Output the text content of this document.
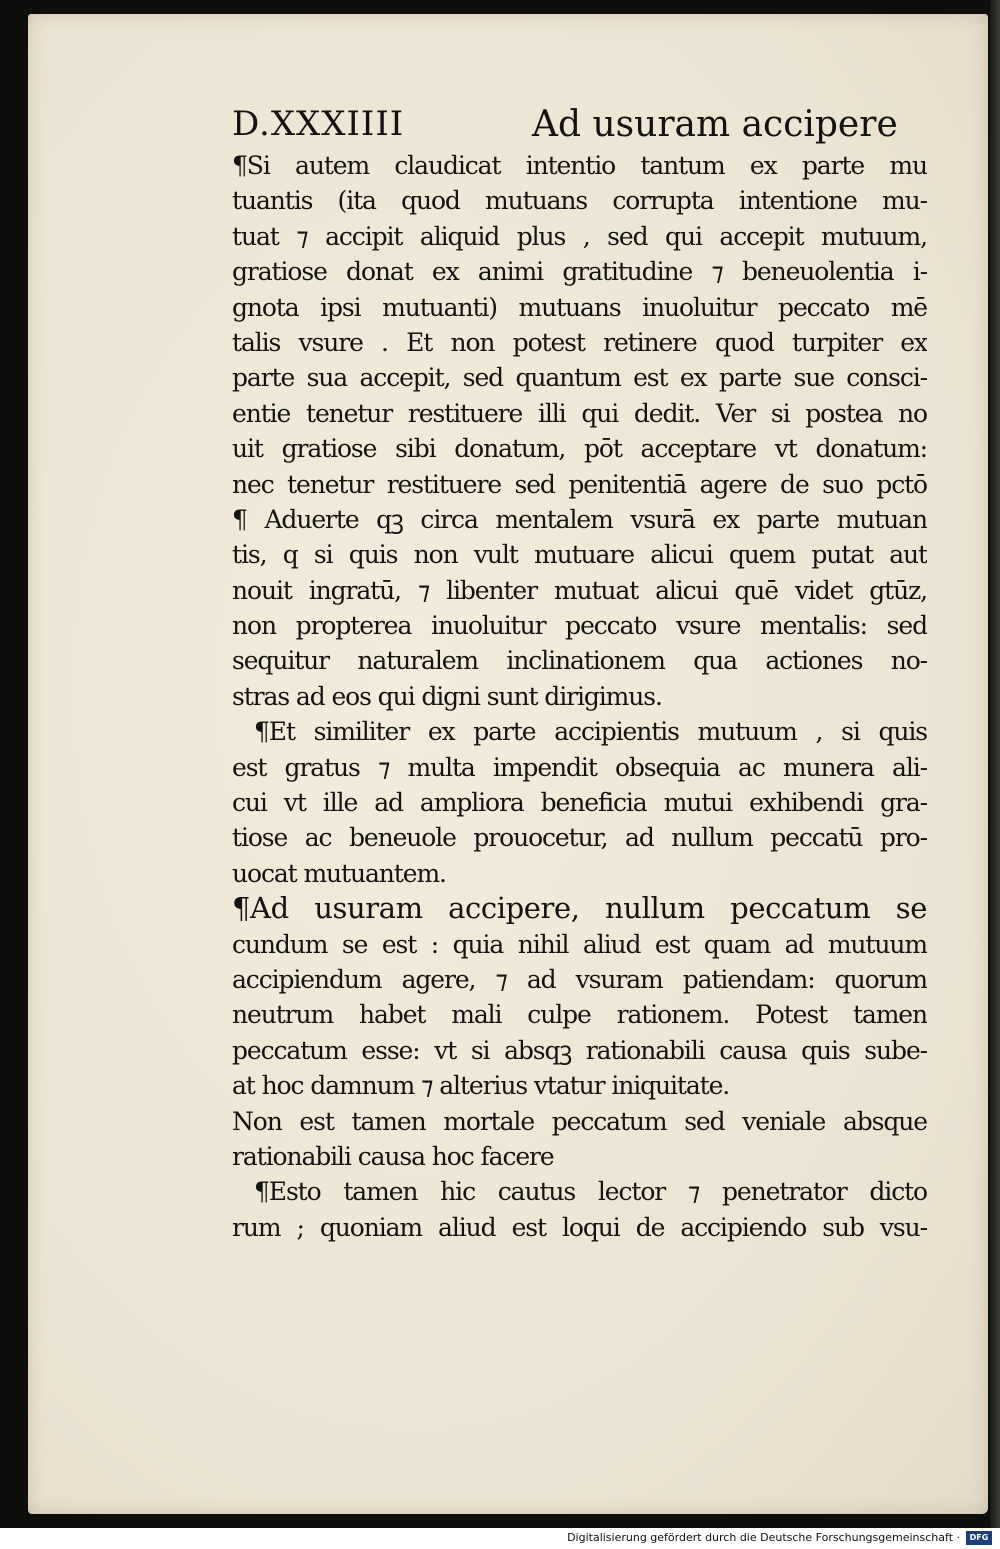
D.XXXIIII	Ad usuram accipere
¶Si autem claudicat intentio tantum ex parte mu
tuantis (ita quod mutuans corrupta intentione mu-
tuat ⁊ accipit aliquid plus , sed qui accepit mutuum,
gratiose donat ex animi gratitudine ⁊ beneuolentia i-
gnota ipsi mutuanti) mutuans inuoluitur peccato mē
talis vsure . Et non potest retinere quod turpiter ex
parte sua accepit, sed quantum est ex parte sue consci-
entie tenetur restituere illi qui dedit. Ver si postea no
uit gratiose sibi donatum, pōt acceptare vt donatum:
nec tenetur restituere sed penitentiā agere de suo pctō
¶ Aduerte qꝫ circa mentalem vsurā ex parte mutuan
tis, q si quis non vult mutuare alicui quem putat aut
nouit ingratū, ⁊ libenter mutuat alicui quē videt gtūz,
non propterea inuoluitur peccato vsure mentalis: sed
sequitur naturalem inclinationem qua actiones no-
stras ad eos qui digni sunt dirigimus.
¶Et similiter ex parte accipientis mutuum , si quis
est gratus ⁊ multa impendit obsequia ac munera ali-
cui vt ille ad ampliora beneficia mutui exhibendi gra-
tiose ac beneuole prouocetur, ad nullum peccatū pro-
uocat mutuantem.
¶Ad usuram accipere, nullum peccatum se
cundum se est : quia nihil aliud est quam ad mutuum
accipiendum agere, ⁊ ad vsuram patiendam: quorum
neutrum habet mali culpe rationem. Potest tamen
peccatum esse: vt si absqꝫ rationabili causa quis sube-
at hoc damnum ⁊ alterius vtatur iniquitate.
Non est tamen mortale peccatum sed veniale absque
rationabili causa hoc facere
¶Esto tamen hic cautus lector ⁊ penetrator dicto
rum ; quoniam aliud est loqui de accipiendo sub vsu-
Digitalisierung gefördert durch die Deutsche Forschungsgemeinschaft ·	DFG
